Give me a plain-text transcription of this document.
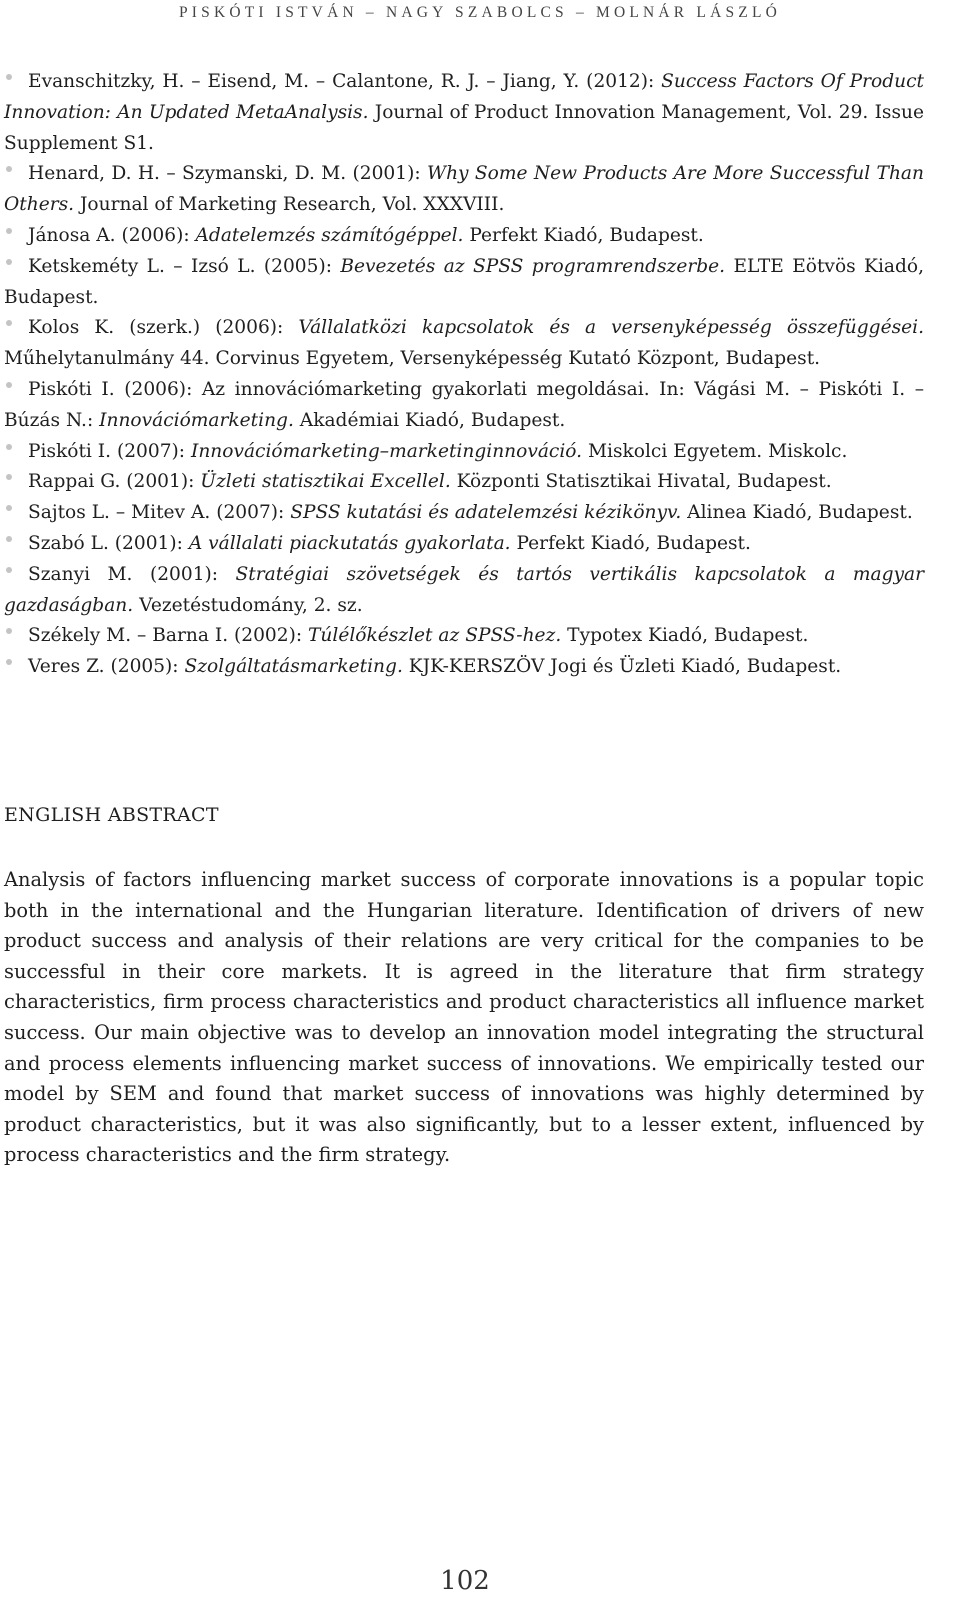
PISKÓTI ISTVÁN – NAGY SZABOLCS – MOLNÁR LÁSZLÓ

Evanschitzky, H. – Eisend, M. – Calantone, R. J. – Jiang, Y. (2012): Success Factors Of Product Innovation: An Updated MetaAnalysis. Journal of Product Innovation Management, Vol. 29. Issue Supplement S1.

Henard, D. H. – Szymanski, D. M. (2001): Why Some New Products Are More Successful Than Others. Journal of Marketing Research, Vol. XXXVIII.

Jánosa A. (2006): Adatelemzés számítógéppel. Perfekt Kiadó, Budapest.

Ketskeméty L. – Izsó L. (2005): Bevezetés az SPSS programrendszerbe. ELTE Eötvös Kiadó, Budapest.

Kolos K. (szerk.) (2006): Vállalatközi kapcsolatok és a versenyképesség összefüggései. Műhelytanulmány 44. Corvinus Egyetem, Versenyképesség Kutató Központ, Budapest.

Piskóti I. (2006): Az innovációmarketing gyakorlati megoldásai. In: Vágási M. – Piskóti I. – Búzás N.: Innovációmarketing. Akadémiai Kiadó, Budapest.

Piskóti I. (2007): Innovációmarketing–marketinginnováció. Miskolci Egyetem. Miskolc.

Rappai G. (2001): Üzleti statisztikai Excellel. Központi Statisztikai Hivatal, Budapest.

Sajtos L. – Mitev A. (2007): SPSS kutatási és adatelemzési kézikönyv. Alinea Kiadó, Budapest.

Szabó L. (2001): A vállalati piackutatás gyakorlata. Perfekt Kiadó, Budapest.

Szanyi M. (2001): Stratégiai szövetségek és tartós vertikális kapcsolatok a magyar gazdaságban. Vezetéstudomány, 2. sz.

Székely M. – Barna I. (2002): Túlélőkészlet az SPSS-hez. Typotex Kiadó, Budapest.

Veres Z. (2005): Szolgáltatásmarketing. KJK-KERSZÖV Jogi és Üzleti Kiadó, Budapest.

ENGLISH ABSTRACT

Analysis of factors influencing market success of corporate innovations is a popular topic both in the international and the Hungarian literature. Identification of drivers of new product success and analysis of their relations are very critical for the companies to be successful in their core markets. It is agreed in the literature that firm strategy characteristics, firm process characteristics and product characteristics all influence market success. Our main objective was to develop an innovation model integrating the structural and process elements influencing market success of innovations. We empirically tested our model by SEM and found that market success of innovations was highly determined by product characteristics, but it was also significantly, but to a lesser extent, influenced by process characteristics and the firm strategy.

102
